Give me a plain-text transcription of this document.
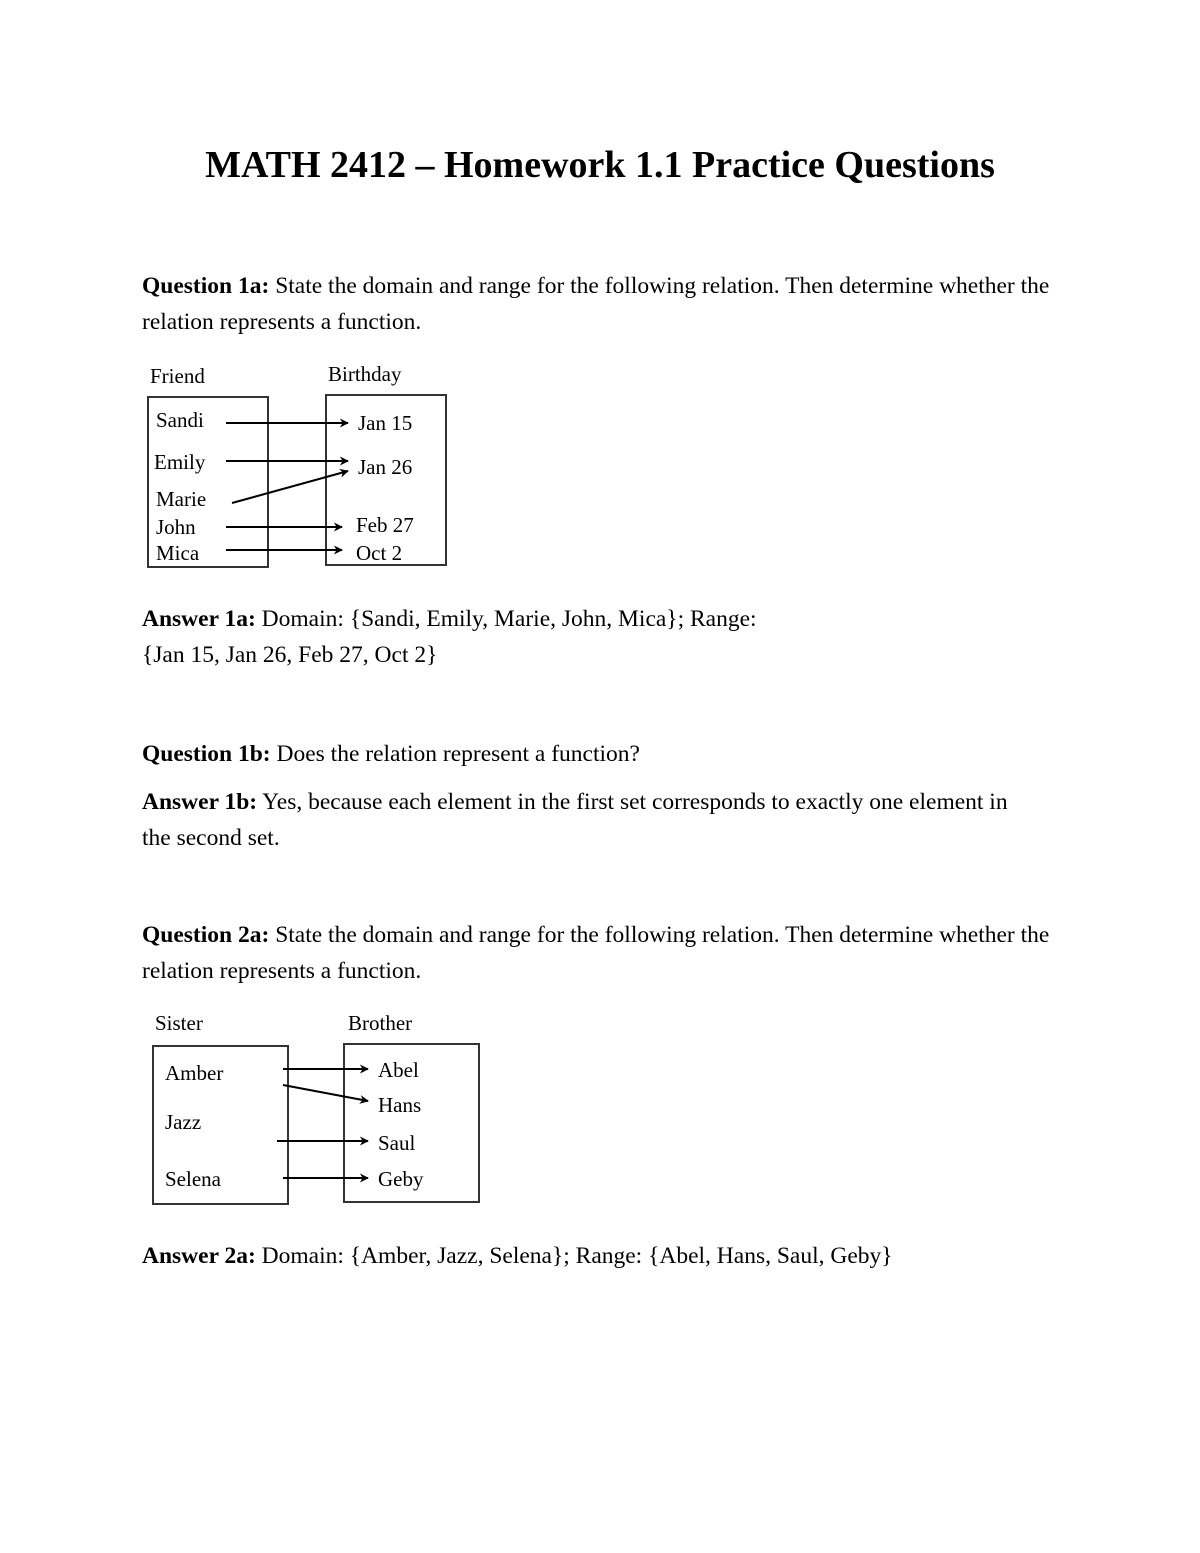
MATH 2412 – Homework 1.1 Practice Questions

Question 1a: State the domain and range for the following relation. Then determine whether the relation represents a function.

Friend	Birthday
Sandi
Emily
Marie
John
Mica
Jan 15
Jan 26
Feb 27
Oct 2

Answer 1a: Domain: {Sandi, Emily, Marie, John, Mica}; Range:
{Jan 15, Jan 26, Feb 27, Oct 2}

Question 1b: Does the relation represent a function?

Answer 1b: Yes, because each element in the first set corresponds to exactly one element in the second set.

Question 2a: State the domain and range for the following relation. Then determine whether the relation represents a function.

Sister	Brother
Amber
Jazz
Selena
Abel
Hans
Saul
Geby

Answer 2a: Domain: {Amber, Jazz, Selena}; Range: {Abel, Hans, Saul, Geby}
